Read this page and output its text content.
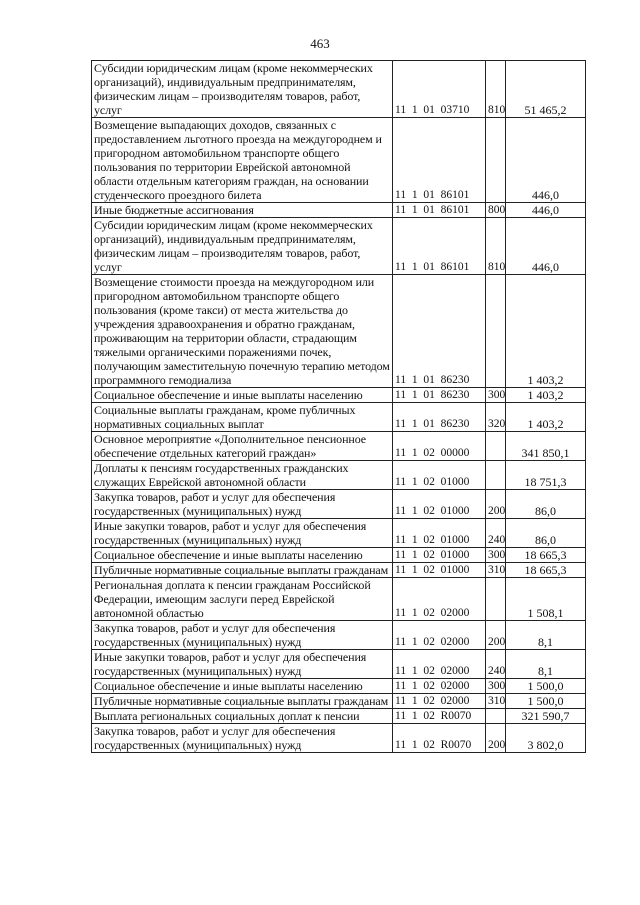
463
Субсидии юридическим лицам (кроме некоммерческих организаций), индивидуальным предпринимателям, физическим лицам – производителям товаров, работ, услуг	11  1  01  03710	810	51 465,2
Возмещение выпадающих доходов, связанных с предоставлением льготного проезда на междугороднем и пригородном автомобильном транспорте общего пользования по территории Еврейской автономной области отдельным категориям граждан, на основании студенческого проездного билета	11  1  01  86101		446,0
Иные бюджетные ассигнования	11  1  01  86101	800	446,0
Субсидии юридическим лицам (кроме некоммерческих организаций), индивидуальным предпринимателям, физическим лицам – производителям товаров, работ, услуг	11  1  01  86101	810	446,0
Возмещение стоимости проезда на междугородном или пригородном автомобильном транспорте общего пользования (кроме такси) от места жительства до учреждения здравоохранения и обратно гражданам, проживающим на территории области, страдающим тяжелыми органическими поражениями почек, получающим заместительную почечную терапию методом программного гемодиализа	11  1  01  86230		1 403,2
Социальное обеспечение и иные выплаты населению	11  1  01  86230	300	1 403,2
Социальные выплаты гражданам, кроме публичных нормативных социальных выплат	11  1  01  86230	320	1 403,2
Основное мероприятие «Дополнительное пенсионное обеспечение отдельных категорий граждан»	11  1  02  00000		341 850,1
Доплаты к пенсиям государственных гражданских служащих Еврейской автономной области	11  1  02  01000		18 751,3
Закупка товаров, работ и услуг для обеспечения государственных (муниципальных) нужд	11  1  02  01000	200	86,0
Иные закупки товаров, работ и услуг для обеспечения государственных (муниципальных) нужд	11  1  02  01000	240	86,0
Социальное обеспечение и иные выплаты населению	11  1  02  01000	300	18 665,3
Публичные нормативные социальные выплаты гражданам	11  1  02  01000	310	18 665,3
Региональная доплата к пенсии гражданам Российской Федерации, имеющим заслуги перед Еврейской автономной областью	11  1  02  02000		1 508,1
Закупка товаров, работ и услуг для обеспечения государственных (муниципальных) нужд	11  1  02  02000	200	8,1
Иные закупки товаров, работ и услуг для обеспечения государственных (муниципальных) нужд	11  1  02  02000	240	8,1
Социальное обеспечение и иные выплаты населению	11  1  02  02000	300	1 500,0
Публичные нормативные социальные выплаты гражданам	11  1  02  02000	310	1 500,0
Выплата региональных социальных доплат к пенсии	11  1  02  R0070		321 590,7
Закупка товаров, работ и услуг для обеспечения государственных (муниципальных) нужд	11  1  02  R0070	200	3 802,0
